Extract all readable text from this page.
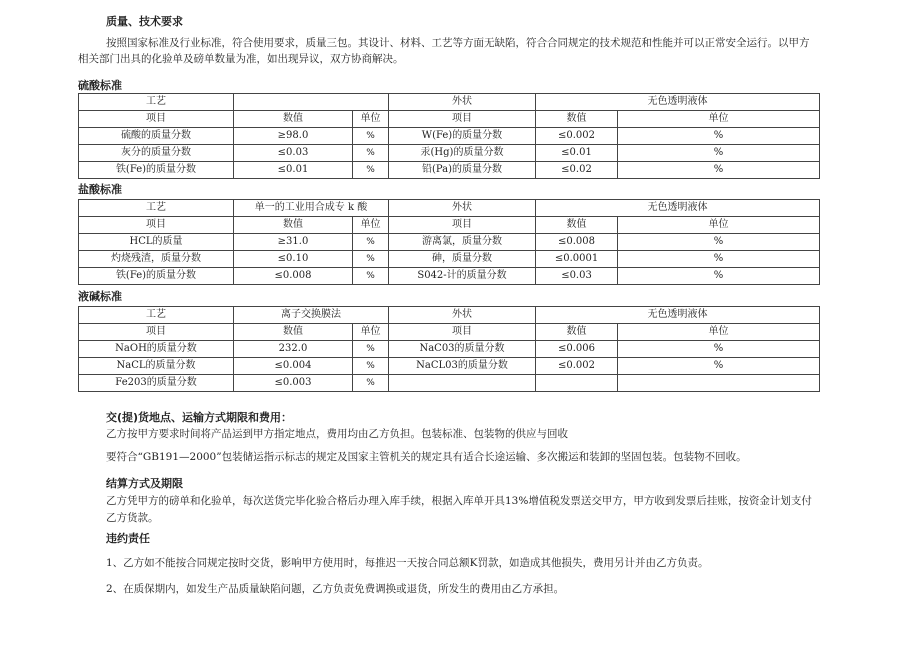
质量、技术要求
按照国家标准及行业标准，符合使用要求，质量三包。其设计、材料、工艺等方面无缺陷，符合合同规定的技术规范和性能并可以正常安全运行。以甲方
相关部门出具的化验单及磅单数量为准，如出现异议，双方协商解决。
硫酸标准
工艺			外状	无色透明液体	
项目	数值	单位	项目	数值	单位
硫酸的质量分数	≥98.0	%	W(Fe)的质量分数	≤0.002	%
灰分的质量分数	≤0.03	%	汞(Hg)的质量分数	≤0.01	%
铁(Fe)的质量分数	≤0.01	%	铅(Pa)的质量分数	≤0.02	%
盐酸标准
工艺	单一的工业用合成专 k 酸		外状	无色透明液体	
项目	数值	单位	项目	数值	单位
HCL的质量	≥31.0	%	游离氯，质量分数	≤0.008	%
灼烧残渣，质量分数	≤0.10	%	砷，质量分数	≤0.0001	%
铁(Fe)的质量分数	≤0.008	%	S042-计的质量分数	≤0.03	%
液碱标准
工艺	离子交换膜法		外状	无色透明液体	
项目	数值	单位	项目	数值	单位
NaOH的质量分数	232.0	%	NaC03的质量分数	≤0.006	%
NaCL的质量分数	≤0.004	%	NaCL03的质量分数	≤0.002	%
Fe203的质量分数	≤0.003	%			
交(提)货地点、运输方式期限和费用：
乙方按甲方要求时间将产品运到甲方指定地点，费用均由乙方负担。包装标准、包装物的供应与回收
要符合“GB191—2000”包装储运指示标志的规定及国家主管机关的规定具有适合长途运输、多次搬运和装卸的坚固包装。包装物不回收。
结算方式及期限
乙方凭甲方的磅单和化验单，每次送货完毕化验合格后办理入库手续，根据入库单开具13%增值税发票送交甲方，甲方收到发票后挂账，按资金计划支付
乙方货款。
违约责任
1、乙方如不能按合同规定按时交货，影响甲方使用时，每推迟一天按合同总额K罚款，如造成其他损失，费用另计并由乙方负责。
2、在质保期内，如发生产品质量缺陷问题，乙方负责免费调换或退货，所发生的费用由乙方承担。
